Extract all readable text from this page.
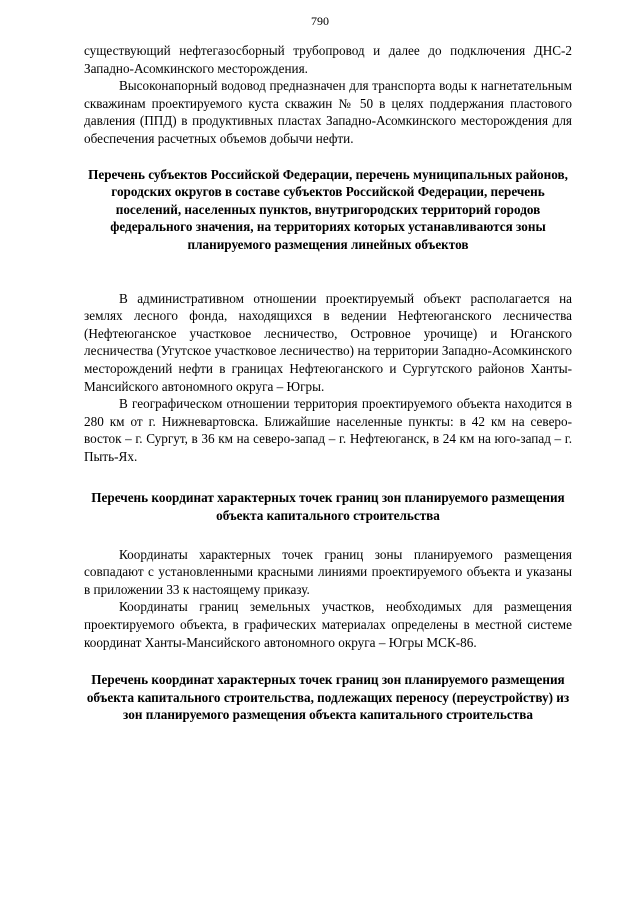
790

существующий нефтегазосборный трубопровод и далее до подключения ДНС-2 Западно-Асомкинского месторождения.

Высоконапорный водовод предназначен для транспорта воды к нагнетательным скважинам проектируемого куста скважин № 50 в целях поддержания пластового давления (ППД) в продуктивных пластах Западно-Асомкинского месторождения для обеспечения расчетных объемов добычи нефти.

Перечень субъектов Российской Федерации, перечень муниципальных районов, городских округов в составе субъектов Российской Федерации, перечень поселений, населенных пунктов, внутригородских территорий городов федерального значения, на территориях которых устанавливаются зоны планируемого размещения линейных объектов

В административном отношении проектируемый объект располагается на землях лесного фонда, находящихся в ведении Нефтеюганского лесничества (Нефтеюганское участковое лесничество, Островное урочище) и Юганского лесничества (Угутское участковое лесничество) на территории Западно-Асомкинского месторождений нефти в границах Нефтеюганского и Сургутского районов Ханты-Мансийского автономного округа – Югры.

В географическом отношении территория проектируемого объекта находится в 280 км от г. Нижневартовска. Ближайшие населенные пункты: в 42 км на северо-восток – г. Сургут, в 36 км на северо-запад – г. Нефтеюганск, в 24 км на юго-запад – г. Пыть-Ях.

Перечень координат характерных точек границ зон планируемого размещения объекта капитального строительства

Координаты характерных точек границ зоны планируемого размещения совпадают с установленными красными линиями проектируемого объекта и указаны в приложении 33 к настоящему приказу.

Координаты границ земельных участков, необходимых для размещения проектируемого объекта, в графических материалах определены в местной системе координат Ханты-Мансийского автономного округа – Югры МСК-86.

Перечень координат характерных точек границ зон планируемого размещения объекта капитального строительства, подлежащих переносу (переустройству) из зон планируемого размещения объекта капитального строительства
